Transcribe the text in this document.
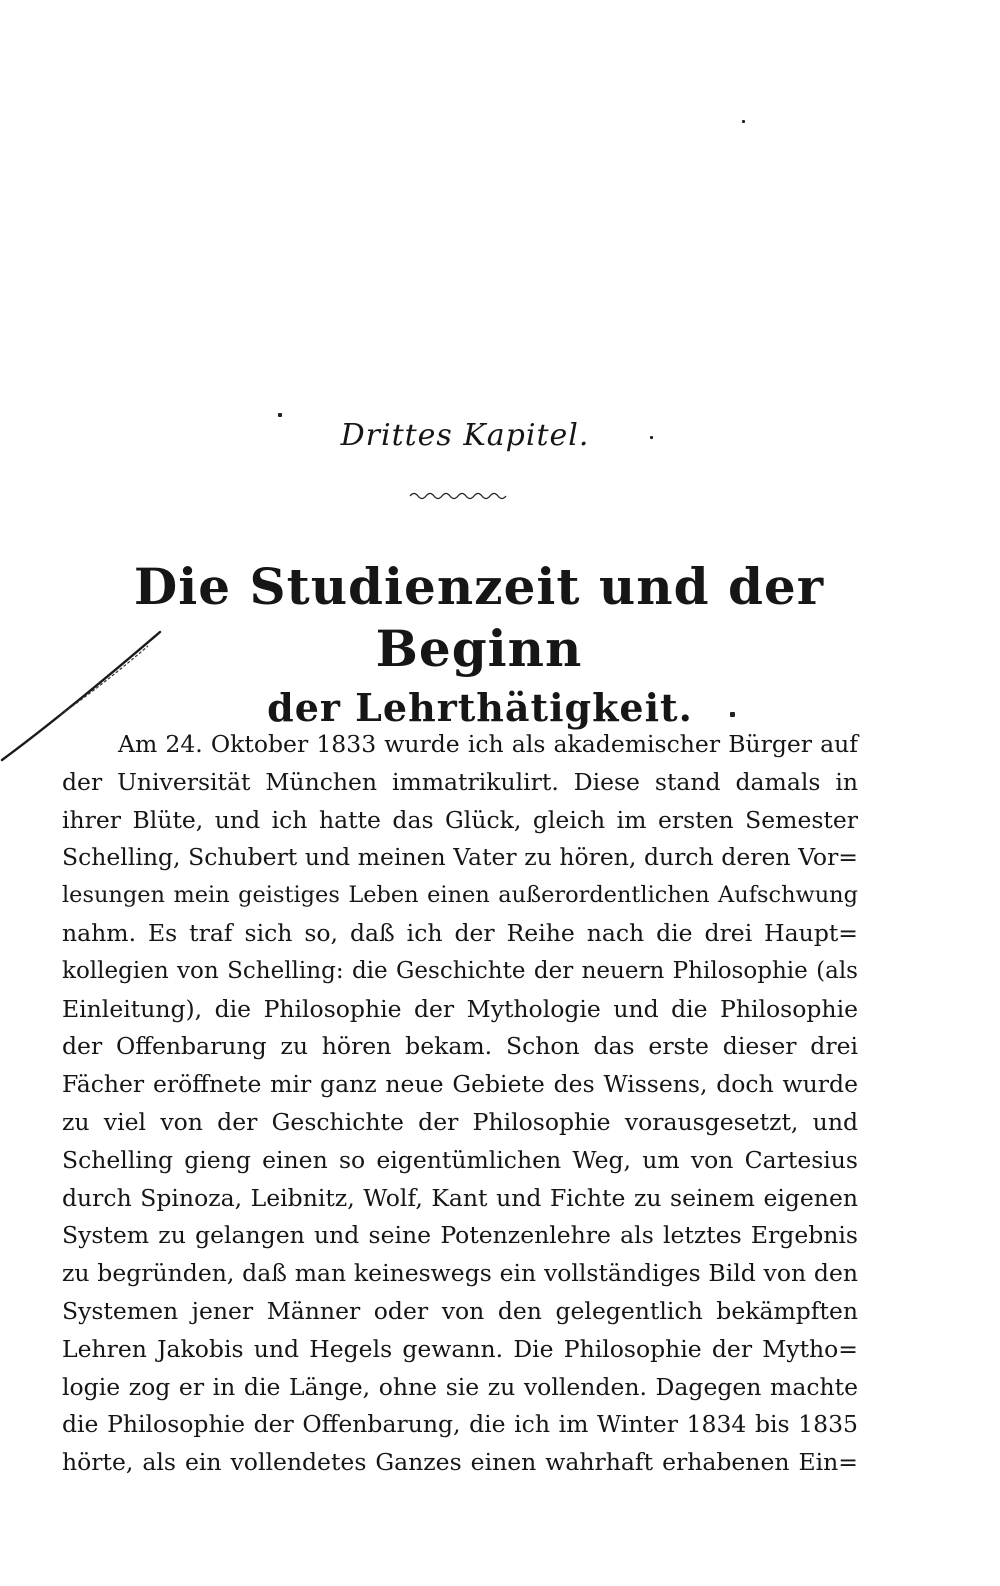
Drittes Kapitel.
Die Studienzeit und der Beginn
der Lehrthätigkeit.
Am 24. Oktober 1833 wurde ich als akademischer Bürger auf
der Universität München immatrikulirt. Diese stand damals in
ihrer Blüte, und ich hatte das Glück, gleich im ersten Semester
Schelling, Schubert und meinen Vater zu hören, durch deren Vor=
lesungen mein geistiges Leben einen außerordentlichen Aufschwung
nahm. Es traf sich so, daß ich der Reihe nach die drei Haupt=
kollegien von Schelling: die Geschichte der neuern Philosophie (als
Einleitung), die Philosophie der Mythologie und die Philosophie
der Offenbarung zu hören bekam. Schon das erste dieser drei
Fächer eröffnete mir ganz neue Gebiete des Wissens, doch wurde
zu viel von der Geschichte der Philosophie vorausgesetzt, und
Schelling gieng einen so eigentümlichen Weg, um von Cartesius
durch Spinoza, Leibnitz, Wolf, Kant und Fichte zu seinem eigenen
System zu gelangen und seine Potenzenlehre als letztes Ergebnis
zu begründen, daß man keineswegs ein vollständiges Bild von den
Systemen jener Männer oder von den gelegentlich bekämpften
Lehren Jakobis und Hegels gewann. Die Philosophie der Mytho=
logie zog er in die Länge, ohne sie zu vollenden. Dagegen machte
die Philosophie der Offenbarung, die ich im Winter 1834 bis 1835
hörte, als ein vollendetes Ganzes einen wahrhaft erhabenen Ein=
